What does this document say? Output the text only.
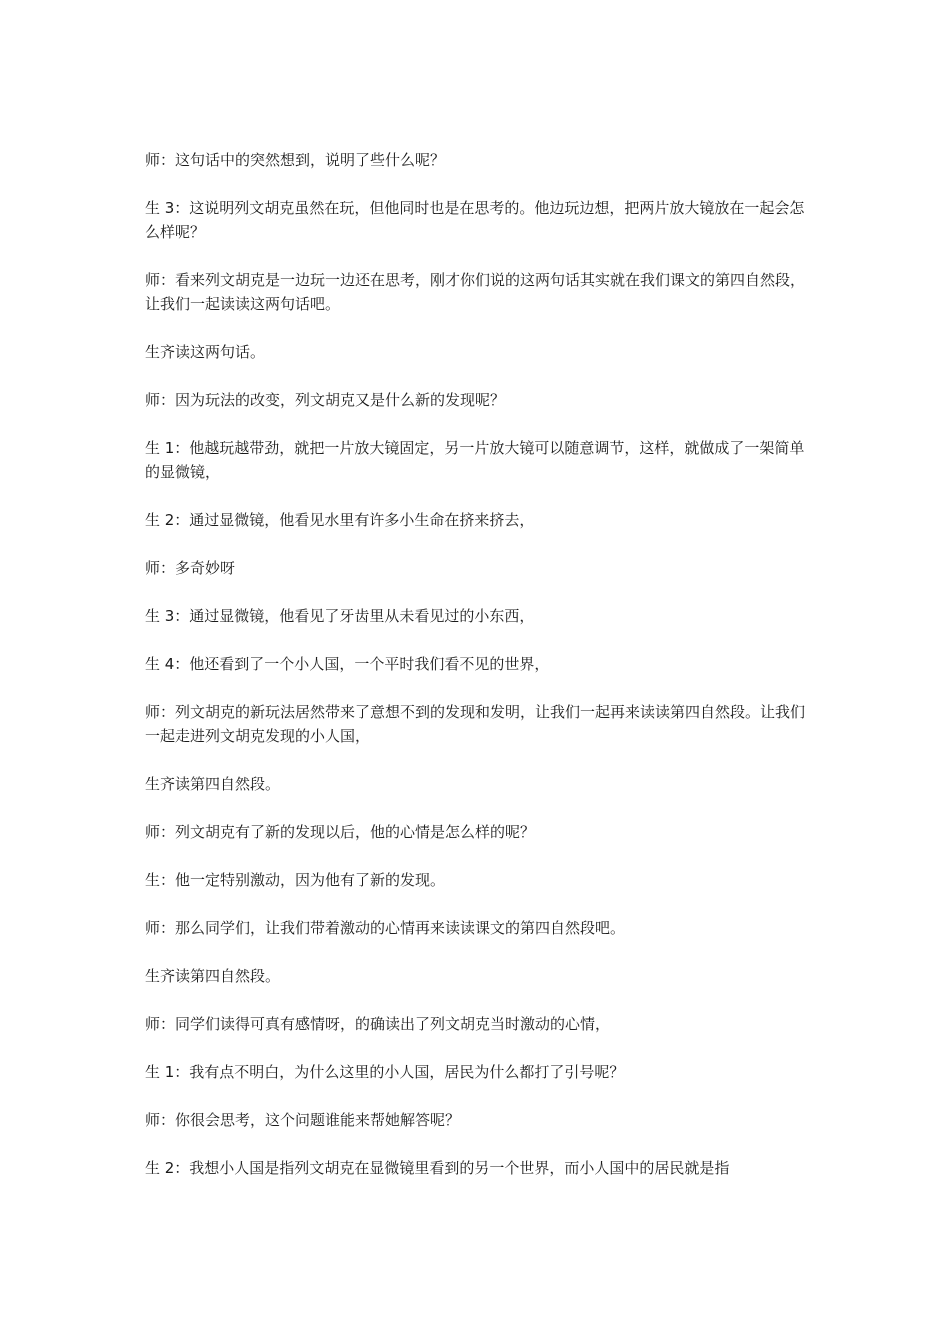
师：这句话中的突然想到，说明了些什么呢？

生 3：这说明列文胡克虽然在玩，但他同时也是在思考的。他边玩边想，把两片放大镜放在一起会怎么样呢？

师：看来列文胡克是一边玩一边还在思考，刚才你们说的这两句话其实就在我们课文的第四自然段，让我们一起读读这两句话吧。

生齐读这两句话。

师：因为玩法的改变，列文胡克又是什么新的发现呢？

生 1：他越玩越带劲，就把一片放大镜固定，另一片放大镜可以随意调节，这样，就做成了一架简单的显微镜，

生 2：通过显微镜，他看见水里有许多小生命在挤来挤去，

师：多奇妙呀

生 3：通过显微镜，他看见了牙齿里从未看见过的小东西，

生 4：他还看到了一个小人国，一个平时我们看不见的世界，

师：列文胡克的新玩法居然带来了意想不到的发现和发明，让我们一起再来读读第四自然段。让我们一起走进列文胡克发现的小人国，

生齐读第四自然段。

师：列文胡克有了新的发现以后，他的心情是怎么样的呢？

生：他一定特别激动，因为他有了新的发现。

师：那么同学们，让我们带着激动的心情再来读读课文的第四自然段吧。

生齐读第四自然段。

师：同学们读得可真有感情呀，的确读出了列文胡克当时激动的心情，

生 1：我有点不明白，为什么这里的小人国，居民为什么都打了引号呢？

师：你很会思考，这个问题谁能来帮她解答呢？

生 2：我想小人国是指列文胡克在显微镜里看到的另一个世界，而小人国中的居民就是指
